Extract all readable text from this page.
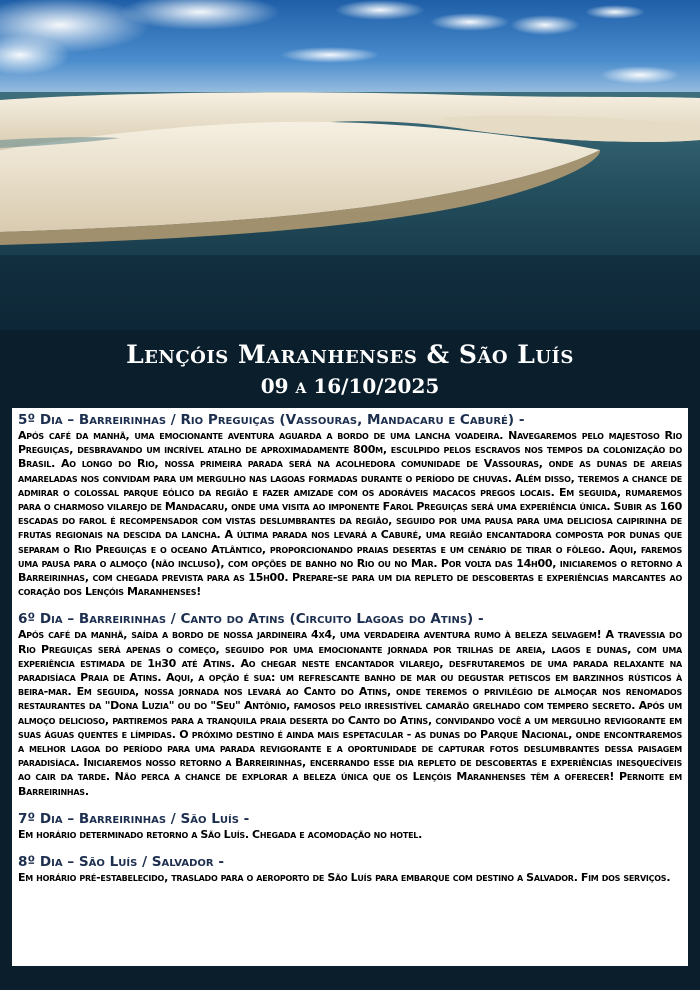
Lençóis Maranhenses & São Luís

09 a 16/10/2025

5º Dia – Barreirinhas / Rio Preguiças (Vassouras, Mandacaru e Caburé) -

Após café da manhã, uma emocionante aventura aguarda a bordo de uma lancha voadeira. Navegaremos pelo majestoso Rio Preguiças, desbravando um incrível atalho de aproximadamente 800m, esculpido pelos escravos nos tempos da colonização do Brasil. Ao longo do Rio, nossa primeira parada será na acolhedora comunidade de Vassouras, onde as dunas de areias amareladas nos convidam para um mergulho nas lagoas formadas durante o período de chuvas. Além disso, teremos a chance de admirar o colossal parque eólico da região e fazer amizade com os adoráveis macacos pregos locais. Em seguida, rumaremos para o charmoso vilarejo de Mandacaru, onde uma visita ao imponente Farol Preguiças será uma experiência única. Subir as 160 escadas do farol é recompensador com vistas deslumbrantes da região, seguido por uma pausa para uma deliciosa caipirinha de frutas regionais na descida da lancha. A última parada nos levará a Caburé, uma região encantadora composta por dunas que separam o Rio Preguiças e o oceano Atlântico, proporcionando praias desertas e um cenário de tirar o fôlego. Aqui, faremos uma pausa para o almoço (não incluso), com opções de banho no Rio ou no Mar. Por volta das 14h00, iniciaremos o retorno a Barreirinhas, com chegada prevista para as 15h00. Prepare-se para um dia repleto de descobertas e experiências marcantes ao coração dos Lençóis Maranhenses!

6º Dia – Barreirinhas / Canto do Atins (Circuito Lagoas do Atins) -

Após café da manhã, saída a bordo de nossa jardineira 4x4, uma verdadeira aventura rumo à beleza selvagem! A travessia do Rio Preguiças será apenas o começo, seguido por uma emocionante jornada por trilhas de areia, lagos e dunas, com uma experiência estimada de 1h30 até Atins. Ao chegar neste encantador vilarejo, desfrutaremos de uma parada relaxante na paradisíaca Praia de Atins. Aqui, a opção é sua: um refrescante banho de mar ou degustar petiscos em barzinhos rústicos à beira-mar. Em seguida, nossa jornada nos levará ao Canto do Atins, onde teremos o privilégio de almoçar nos renomados restaurantes da "Dona Luzia" ou do "Seu" Antônio, famosos pelo irresistível camarão grelhado com tempero secreto. Após um almoço delicioso, partiremos para a tranquila praia deserta do Canto do Atins, convidando você a um mergulho revigorante em suas águas quentes e límpidas. O próximo destino é ainda mais espetacular - as dunas do Parque Nacional, onde encontraremos a melhor lagoa do período para uma parada revigorante e a oportunidade de capturar fotos deslumbrantes dessa paisagem paradisíaca. Iniciaremos nosso retorno a Barreirinhas, encerrando esse dia repleto de descobertas e experiências inesquecíveis ao cair da tarde. Não perca a chance de explorar a beleza única que os Lençóis Maranhenses têm a oferecer! Pernoite em Barreirinhas.

7º Dia – Barreirinhas / São Luís -

Em horário determinado retorno a São Luís. Chegada e acomodação no hotel.

8º Dia – São Luís / Salvador -

Em horário pré-estabelecido, traslado para o aeroporto de São Luís para embarque com destino a Salvador. Fim dos serviços.
